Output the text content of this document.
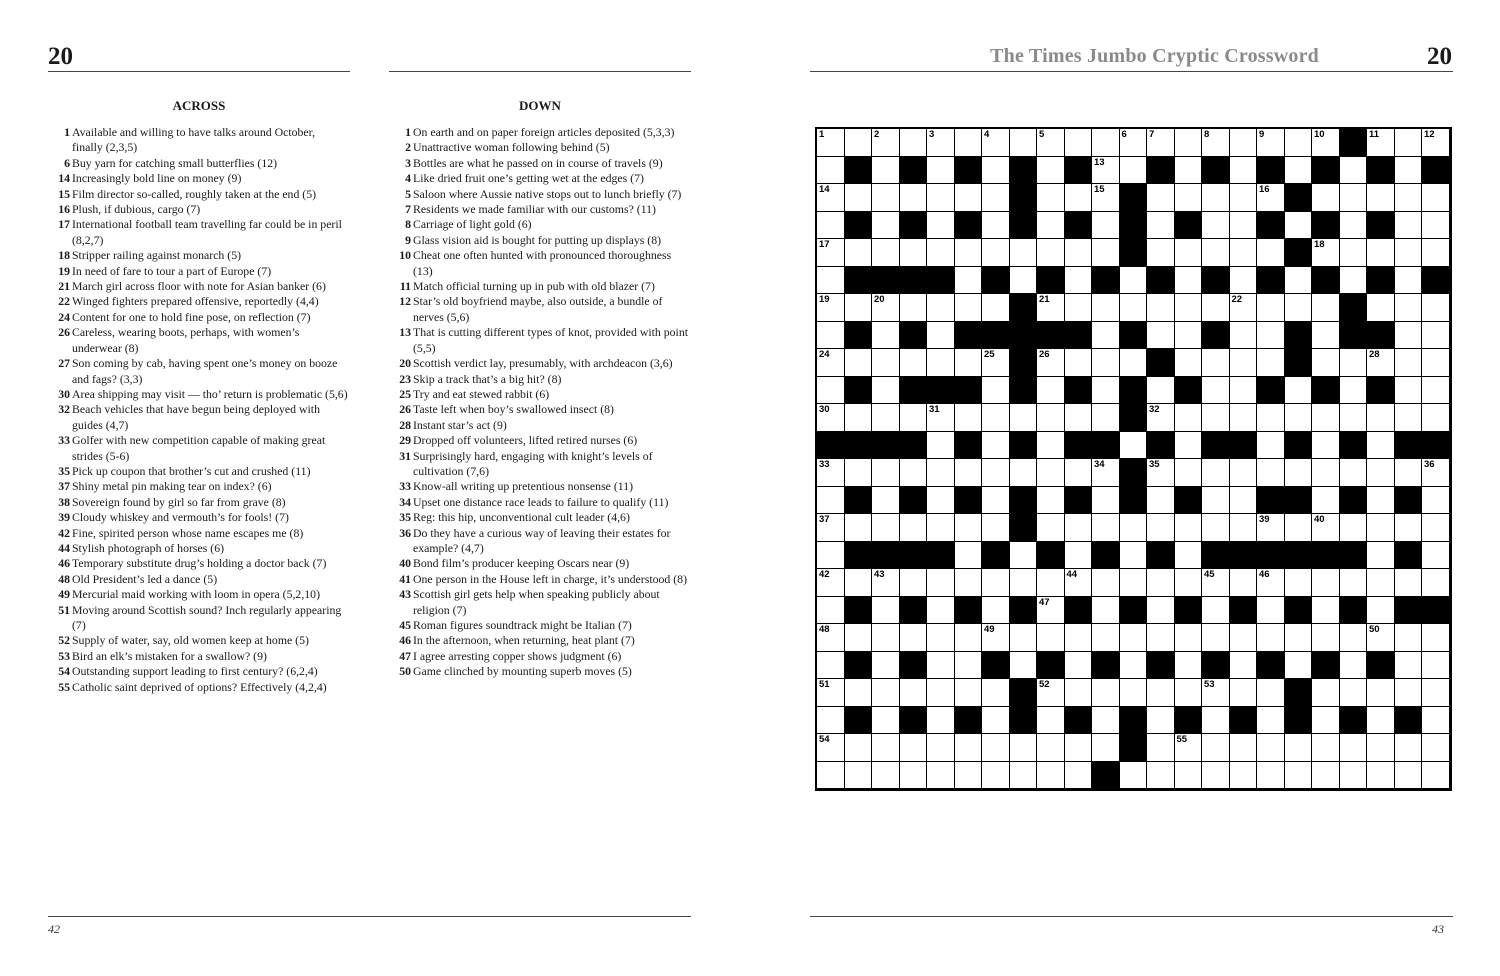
20
ACROSS	DOWN
1 Available and willing to have talks around October, finally (2,3,5)
6 Buy yarn for catching small butterflies (12)
14 Increasingly bold line on money (9)
15 Film director so-called, roughly taken at the end (5)
16 Plush, if dubious, cargo (7)
17 International football team travelling far could be in peril (8,2,7)
18 Stripper railing against monarch (5)
19 In need of fare to tour a part of Europe (7)
21 March girl across floor with note for Asian banker (6)
22 Winged fighters prepared offensive, reportedly (4,4)
24 Content for one to hold fine pose, on reflection (7)
26 Careless, wearing boots, perhaps, with women’s underwear (8)
27 Son coming by cab, having spent one’s money on booze and fags? (3,3)
30 Area shipping may visit — tho’ return is problematic (5,6)
32 Beach vehicles that have begun being deployed with guides (4,7)
33 Golfer with new competition capable of making great strides (5-6)
35 Pick up coupon that brother’s cut and crushed (11)
37 Shiny metal pin making tear on index? (6)
38 Sovereign found by girl so far from grave (8)
39 Cloudy whiskey and vermouth’s for fools! (7)
42 Fine, spirited person whose name escapes me (8)
44 Stylish photograph of horses (6)
46 Temporary substitute drug’s holding a doctor back (7)
48 Old President’s led a dance (5)
49 Mercurial maid working with loom in opera (5,2,10)
51 Moving around Scottish sound? Inch regularly appearing (7)
52 Supply of water, say, old women keep at home (5)
53 Bird an elk’s mistaken for a swallow? (9)
54 Outstanding support leading to first century? (6,2,4)
55 Catholic saint deprived of options? Effectively (4,2,4)
1 On earth and on paper foreign articles deposited (5,3,3)
2 Unattractive woman following behind (5)
3 Bottles are what he passed on in course of travels (9)
4 Like dried fruit one’s getting wet at the edges (7)
5 Saloon where Aussie native stops out to lunch briefly (7)
7 Residents we made familiar with our customs? (11)
8 Carriage of light gold (6)
9 Glass vision aid is bought for putting up displays (8)
10 Cheat one often hunted with pronounced thoroughness (13)
11 Match official turning up in pub with old blazer (7)
12 Star’s old boyfriend maybe, also outside, a bundle of nerves (5,6)
13 That is cutting different types of knot, provided with point (5,5)
20 Scottish verdict lay, presumably, with archdeacon (3,6)
23 Skip a track that’s a big hit? (8)
25 Try and eat stewed rabbit (6)
26 Taste left when boy’s swallowed insect (8)
28 Instant star’s act (9)
29 Dropped off volunteers, lifted retired nurses (6)
31 Surprisingly hard, engaging with knight’s levels of cultivation (7,6)
33 Know-all writing up pretentious nonsense (11)
34 Upset one distance race leads to failure to qualify (11)
35 Reg: this hip, unconventional cult leader (4,6)
36 Do they have a curious way of leaving their estates for example? (4,7)
40 Bond film’s producer keeping Oscars near (9)
41 One person in the House left in charge, it’s understood (8)
43 Scottish girl gets help when speaking publicly about religion (7)
45 Roman figures soundtrack might be Italian (7)
46 In the afternoon, when returning, heat plant (7)
47 I agree arresting copper shows judgment (6)
50 Game clinched by mounting superb moves (5)
42
The Times Jumbo Cryptic Crossword	20
1	2	3	4	5	6 7	8	9	10	11	12
13
14	15	16
17	18
19	20	21	22
24	25	26	28
30	31	32
33	34	35	36
37	39	40
42	43	44	45	46
47
48	49	50
51	52	53
54	55
43
